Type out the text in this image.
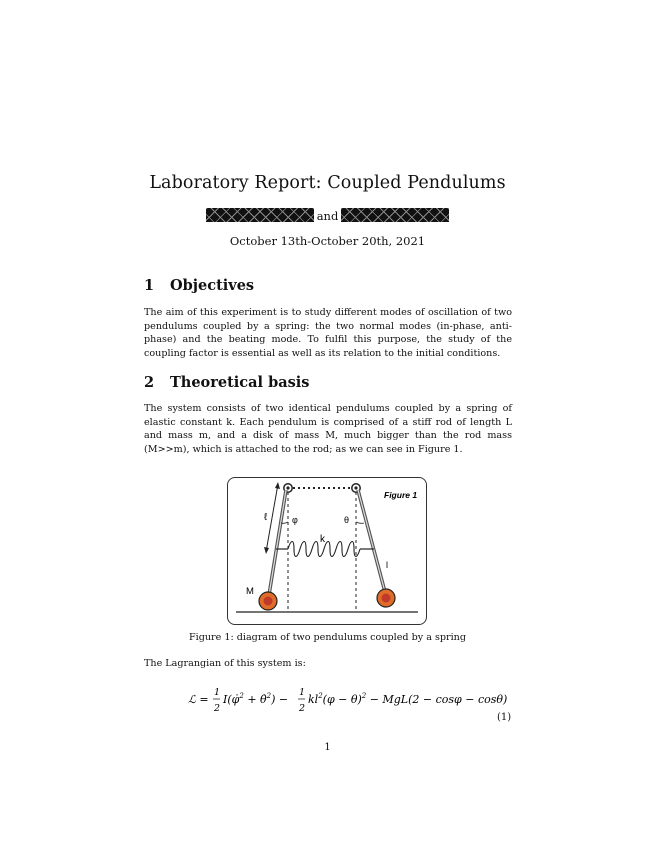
Laboratory Report: Coupled Pendulums
and
October 13th-October 20th, 2021
1 Objectives

The aim of this experiment is to study different modes of oscillation of two pendulums coupled by a spring: the two normal modes (in-phase, anti-phase) and the beating mode. To fulfil this purpose, the study of the coupling factor is essential as well as its relation to the initial conditions.

2 Theoretical basis

The system consists of two identical pendulums coupled by a spring of elastic constant k. Each pendulum is comprised of a stiff rod of length L and mass m, and a disk of mass M, much bigger than the rod mass (M>>m), which is attached to the rod; as we can see in Figure 1.

Figure 1
ℓ	φ	θ
k
l
M
Figure 1: diagram of two pendulums coupled by a spring

The Lagrangian of this system is:

ℒ =
1
2
I(φ̇$^2$ + θ̇$^2$) −
1
2
$kl^2(\varphi - \theta)^2 - MgL(2 - \cos\varphi - \cos\theta)$
(1)
1
